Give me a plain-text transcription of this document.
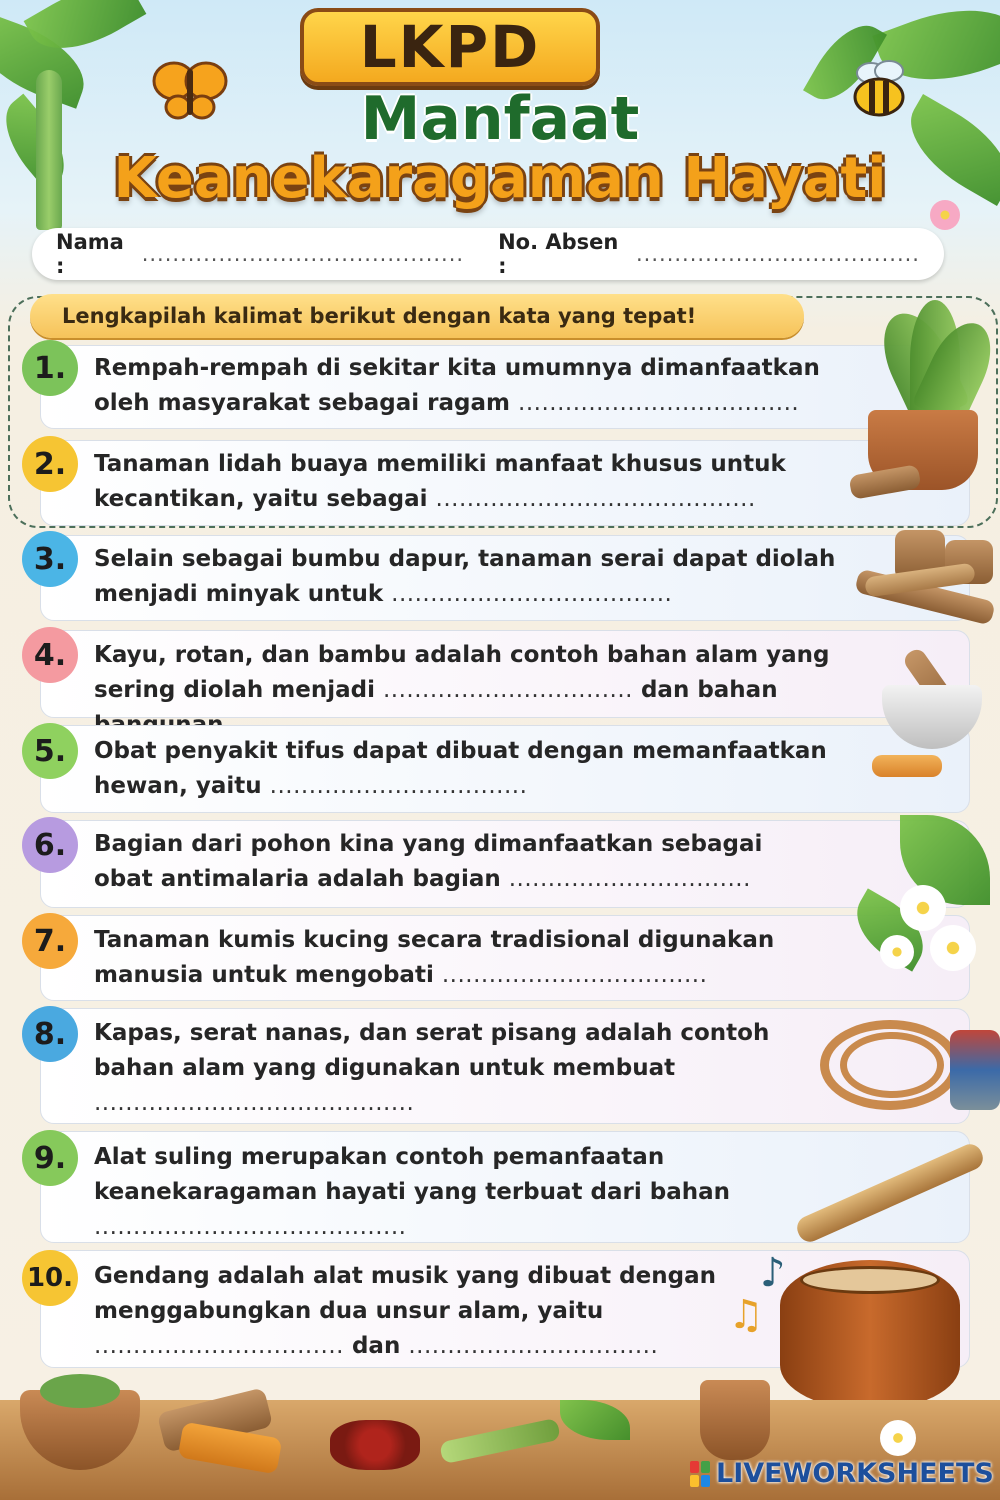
LKPD
Manfaat
Keanekaragaman Hayati
Nama :	.......................................... No. Absen :	.....................................
Lengkapilah kalimat berikut dengan kata yang tepat!
1.	Rempah-rempah di sekitar kita umumnya dimanfaatkan
oleh masyarakat sebagai ragam ....................................
2.	Tanaman lidah buaya memiliki manfaat khusus untuk
kecantikan, yaitu sebagai .........................................
3.	Selain sebagai bumbu dapur, tanaman serai dapat diolah
menjadi minyak untuk ....................................
4.	Kayu, rotan, dan bambu adalah contoh bahan alam yang
sering diolah menjadi ................................ dan bahan
5.	Obat penyakit tifus dapat dibuat dengan memanfaatkan
hewan, yaitu .................................
6.	Bagian dari pohon kina yang dimanfaatkan sebagai
obat antimalaria adalah bagian ...............................
7.	Tanaman kumis kucing secara tradisional digunakan
manusia untuk mengobati ..................................
8.	Kapas, serat nanas, dan serat pisang adalah contoh
bahan alam yang digunakan untuk membuat
.........................................
9.	Alat suling merupakan contoh pemanfaatan
keanekaragaman hayati yang terbuat dari bahan
........................................
10. Gendang adalah alat musik yang dibuat dengan
menggabungkan dua unsur alam, yaitu
................................ dan ................................
♪
♫
LIVEWORKSHEETS
